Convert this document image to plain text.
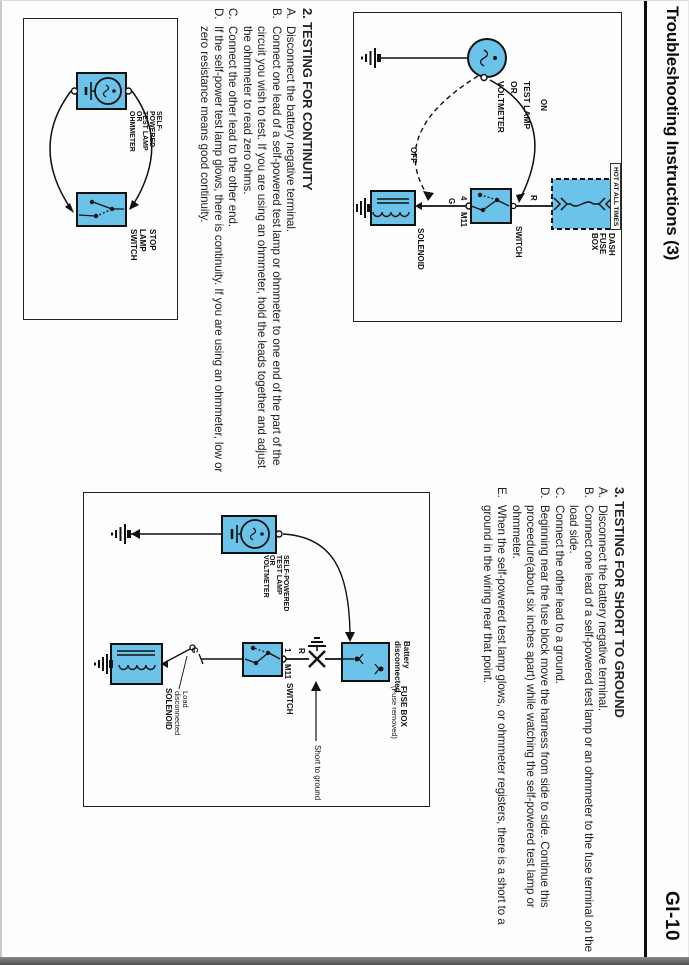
Troubleshooting Instructions (3)
GI-10
HOT AT ALL TIMES
DASH
FUSE
BOX
TEST LAMP
OR
VOLTMETER	ON
OFF
R
G 4
M11
SWITCH
SOLENOID
2. TESTING FOR CONTINUITY
A.
Disconnect the battery negative terminal.
B.
Connect one lead of a self-powered test lamp or ohmmeter to one end of the part of the circuit you wish to test. If you are using an ohmmeter, hold the leads together and adjust the ohmmeter to read zero ohms.
C.
Connect the other lead to the other end.
D.
If the self-power test lamp glows, there is continuity. If you are using an ohmmeter, low or zero resistance means good continuity.
SELF-
POWERED
TEST LAMP
OR
OHMMETER
STOP
LAMP
SWITCH
3. TESTING FOR SHORT TO GROUND
A.
Disconnect the battery negative terminal.
B.
Connect one lead of a self-powered test lamp or an ohmmeter to the fuse terminal on the load side.
C.
Connect the other lead to a ground.
D.
Beginning near the fuse block move the harness from side to side. Continue this proceedure(about six inches apart) while watching the self-powered test lamp or ohmmeter.
E.
When the self-powered test lamp glows, or ohmmeter registers, there is a short to a ground in the wiring near that point.
SELF-POWERED
TEST LAMP
OR
VOLTMETER
Battery
disconnected
FUSE BOX
(Fuse removed)
SWITCH
SOLENOID
R
G	1
M11
Short to ground
Load
disconnected
